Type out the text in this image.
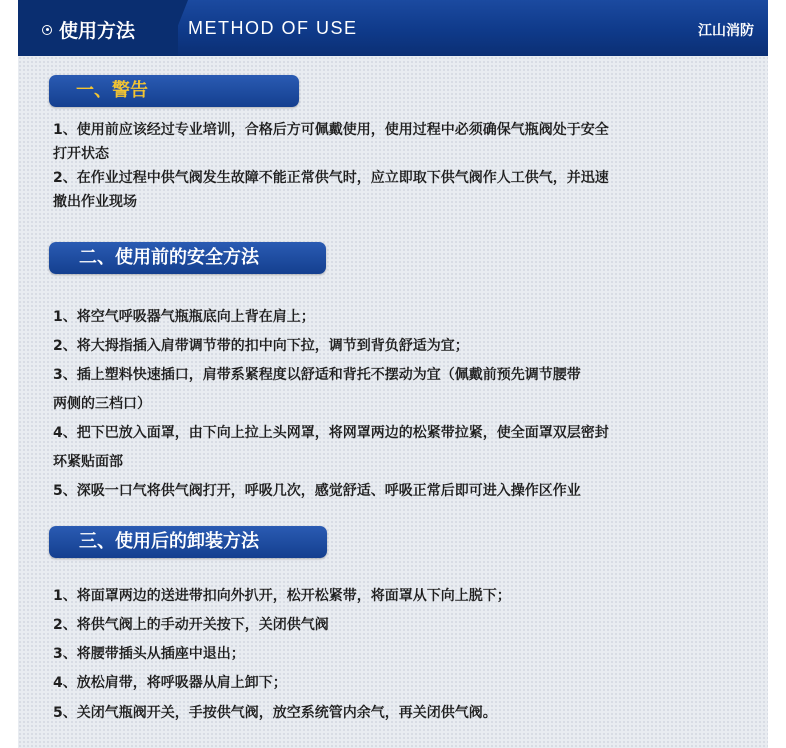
使用方法	METHOD OF USE	江山消防
一、警告
1、使用前应该经过专业培训，合格后方可佩戴使用，使用过程中必须确保气瓶阀处于安全
打开状态
2、在作业过程中供气阀发生故障不能正常供气时，应立即取下供气阀作人工供气，并迅速
撤出作业现场
二、使用前的安全方法
1、将空气呼吸器气瓶瓶底向上背在肩上；
2、将大拇指插入肩带调节带的扣中向下拉，调节到背负舒适为宜；
3、插上塑料快速插口，肩带系紧程度以舒适和背托不摆动为宜（佩戴前预先调节腰带
两侧的三档口）
4、把下巴放入面罩，由下向上拉上头网罩，将网罩两边的松紧带拉紧，使全面罩双层密封
环紧贴面部
5、深吸一口气将供气阀打开，呼吸几次，感觉舒适、呼吸正常后即可进入操作区作业
三、使用后的卸装方法
1、将面罩两边的送进带扣向外扒开，松开松紧带，将面罩从下向上脱下；
2、将供气阀上的手动开关按下，关闭供气阀
3、将腰带插头从插座中退出；
4、放松肩带，将呼吸器从肩上卸下；
5、关闭气瓶阀开关，手按供气阀，放空系统管内余气，再关闭供气阀。
